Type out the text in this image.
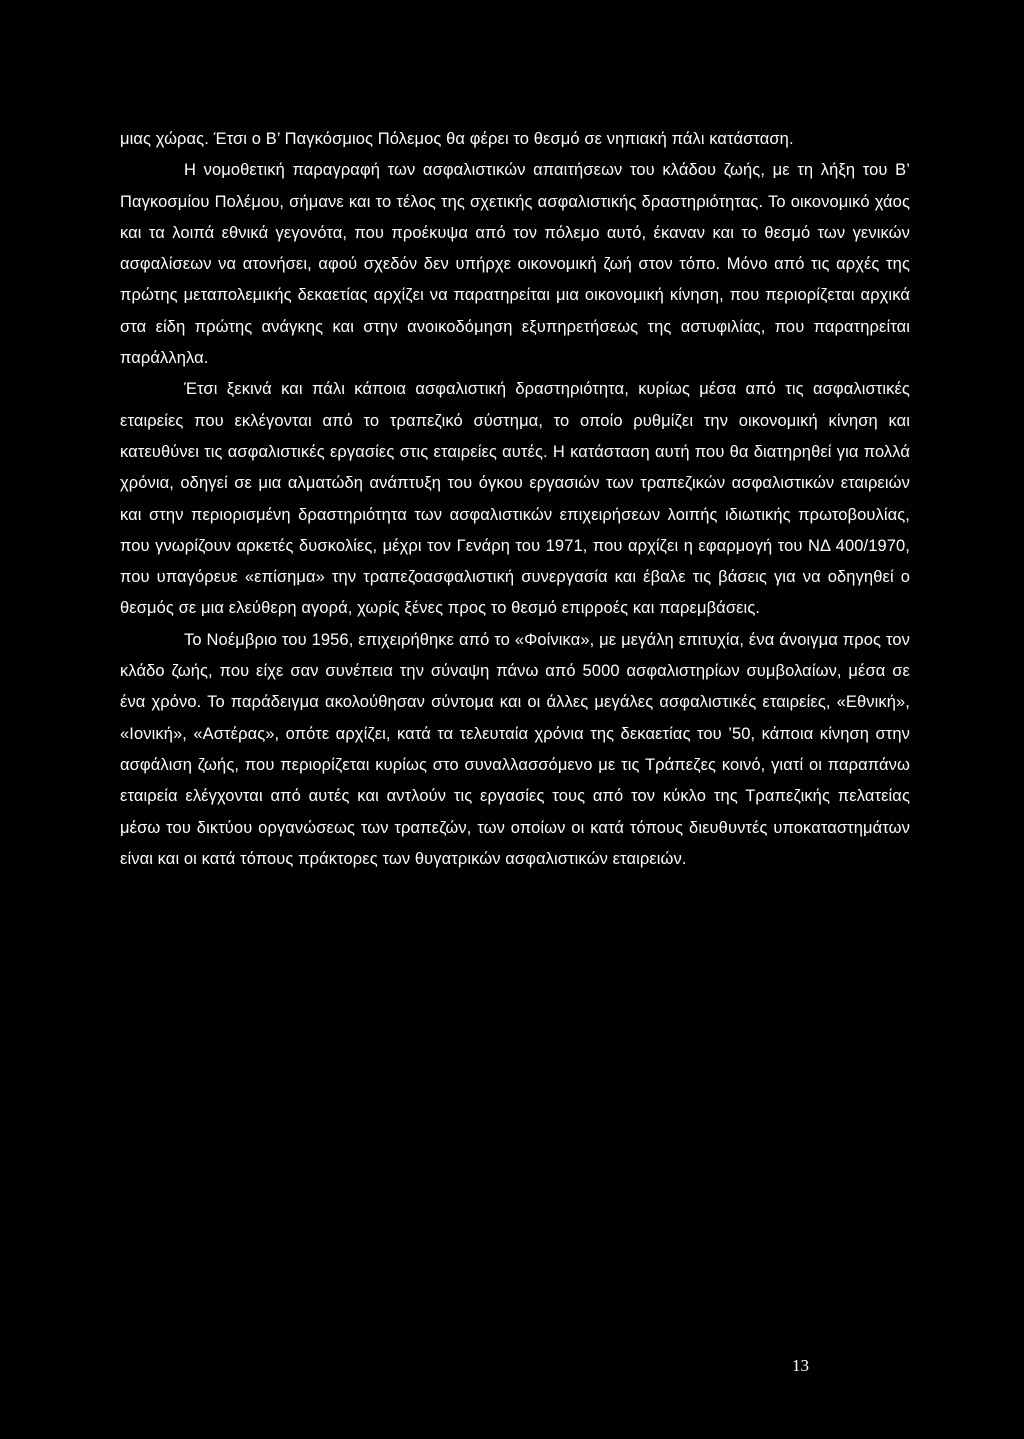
μιας χώρας. Έτσι ο Β’ Παγκόσμιος Πόλεμος θα φέρει το θεσμό σε νηπιακή πάλι κατάσταση.

Η νομοθετική παραγραφή των ασφαλιστικών απαιτήσεων του κλάδου ζωής, με τη λήξη του Β’ Παγκοσμίου Πολέμου, σήμανε και το τέλος της σχετικής ασφαλιστικής δραστηριότητας. Το οικονομικό χάος και τα λοιπά εθνικά γεγονότα, που προέκυψα από τον πόλεμο αυτό, έκαναν και το θεσμό των γενικών ασφαλίσεων να ατονήσει, αφού σχεδόν δεν υπήρχε οικονομική ζωή στον τόπο. Μόνο από τις αρχές της πρώτης μεταπολεμικής δεκαετίας αρχίζει να παρατηρείται μια οικονομική κίνηση, που περιορίζεται αρχικά στα είδη πρώτης ανάγκης και στην ανοικοδόμηση εξυπηρετήσεως της αστυφιλίας, που παρατηρείται παράλληλα.

Έτσι ξεκινά και πάλι κάποια ασφαλιστική δραστηριότητα, κυρίως μέσα από τις ασφαλιστικές εταιρείες που εκλέγονται από το τραπεζικό σύστημα, το οποίο ρυθμίζει την οικονομική κίνηση και κατευθύνει τις ασφαλιστικές εργασίες στις εταιρείες αυτές. Η κατάσταση αυτή που θα διατηρηθεί για πολλά χρόνια, οδηγεί σε μια αλματώδη ανάπτυξη του όγκου εργασιών των τραπεζικών ασφαλιστικών εταιρειών και στην περιορισμένη δραστηριότητα των ασφαλιστικών επιχειρήσεων λοιπής ιδιωτικής πρωτοβουλίας, που γνωρίζουν αρκετές δυσκολίες, μέχρι τον Γενάρη του 1971, που αρχίζει η εφαρμογή του ΝΔ 400/1970, που υπαγόρευε «επίσημα» την τραπεζοασφαλιστική συνεργασία και έβαλε τις βάσεις για να οδηγηθεί ο θεσμός σε μια ελεύθερη αγορά, χωρίς ξένες προς το θεσμό επιρροές και παρεμβάσεις.

Το Νοέμβριο του 1956, επιχειρήθηκε από το «Φοίνικα», με μεγάλη επιτυχία, ένα άνοιγμα προς τον κλάδο ζωής, που είχε σαν συνέπεια την σύναψη πάνω από 5000 ασφαλιστηρίων συμβολαίων, μέσα σε ένα χρόνο. Το παράδειγμα ακολούθησαν σύντομα και οι άλλες μεγάλες ασφαλιστικές εταιρείες, «Εθνική», «Ιονική», «Αστέρας», οπότε αρχίζει, κατά τα τελευταία χρόνια της δεκαετίας του ’50, κάποια κίνηση στην ασφάλιση ζωής, που περιορίζεται κυρίως στο συναλλασσόμενο με τις Τράπεζες κοινό, γιατί οι παραπάνω εταιρεία ελέγχονται από αυτές και αντλούν τις εργασίες τους από τον κύκλο της Τραπεζικής πελατείας μέσω του δικτύου οργανώσεως των τραπεζών, των οποίων οι κατά τόπους διευθυντές υποκαταστημάτων είναι και οι κατά τόπους πράκτορες των θυγατρικών ασφαλιστικών εταιρειών.

13
